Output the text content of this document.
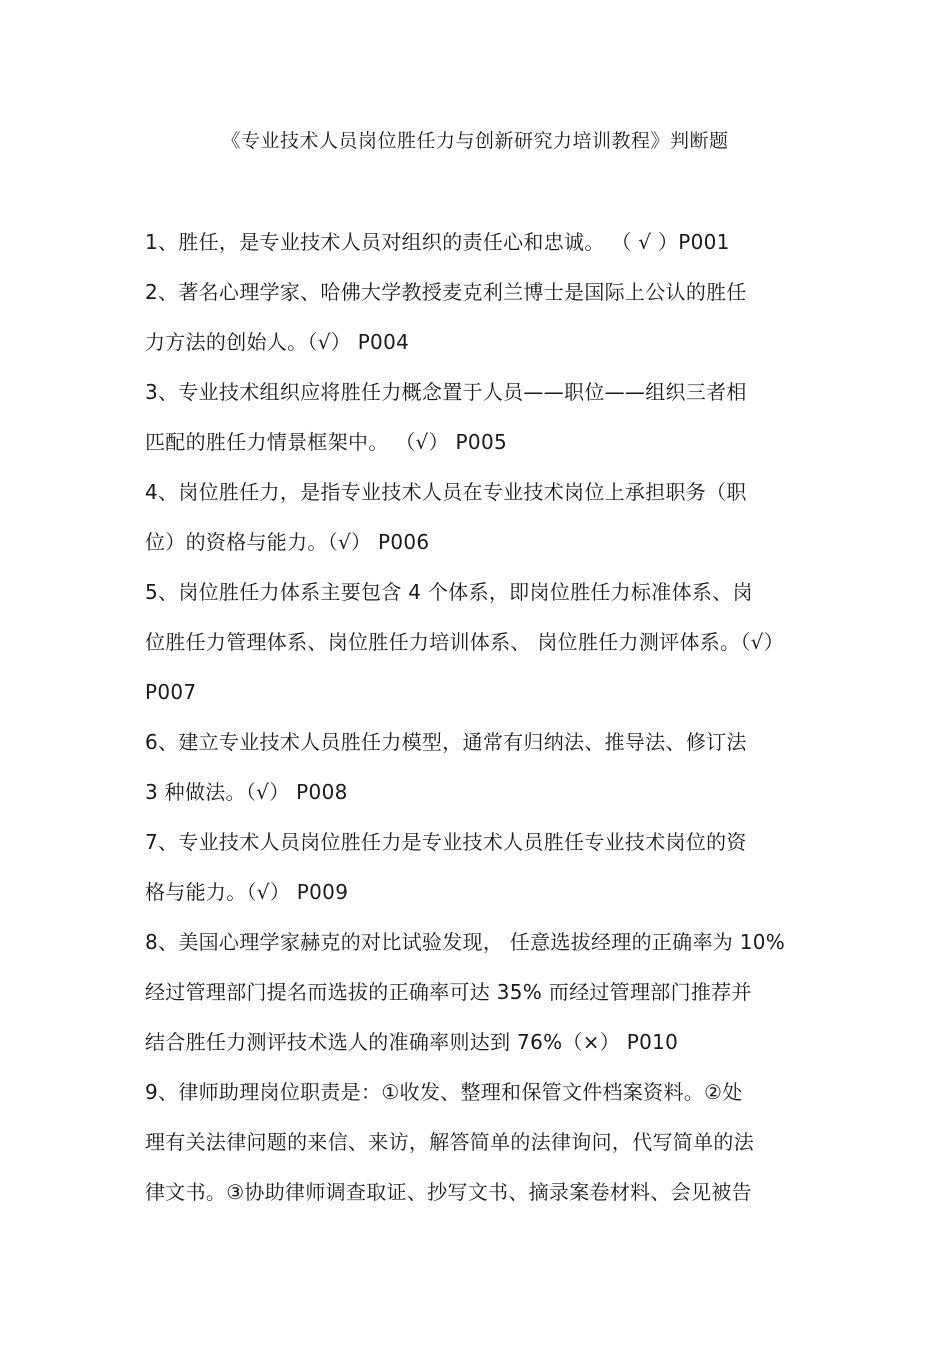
《专业技术人员岗位胜任力与创新研究力培训教程》判断题
1、胜任，是专业技术人员对组织的责任心和忠诚。 （ √ ）P001
2、著名心理学家、哈佛大学教授麦克利兰博士是国际上公认的胜任
力方法的创始人。（√） P004
3、专业技术组织应将胜任力概念置于人员——职位——组织三者相
匹配的胜任力情景框架中。 （√） P005
4、岗位胜任力，是指专业技术人员在专业技术岗位上承担职务（职
位）的资格与能力。（√） P006
5、岗位胜任力体系主要包含 4 个体系，即岗位胜任力标准体系、岗
位胜任力管理体系、岗位胜任力培训体系、 岗位胜任力测评体系。（√）
P007
6、建立专业技术人员胜任力模型，通常有归纳法、推导法、修订法
3 种做法。（√） P008
7、专业技术人员岗位胜任力是专业技术人员胜任专业技术岗位的资
格与能力。（√） P009
8、美国心理学家赫克的对比试验发现， 任意选拔经理的正确率为 10%
经过管理部门提名而选拔的正确率可达 35% 而经过管理部门推荐并
结合胜任力测评技术选人的准确率则达到 76%（×） P010
9、律师助理岗位职责是：①收发、整理和保管文件档案资料。②处
理有关法律问题的来信、来访，解答简单的法律询问，代写简单的法
律文书。③协助律师调查取证、抄写文书、摘录案卷材料、会见被告
